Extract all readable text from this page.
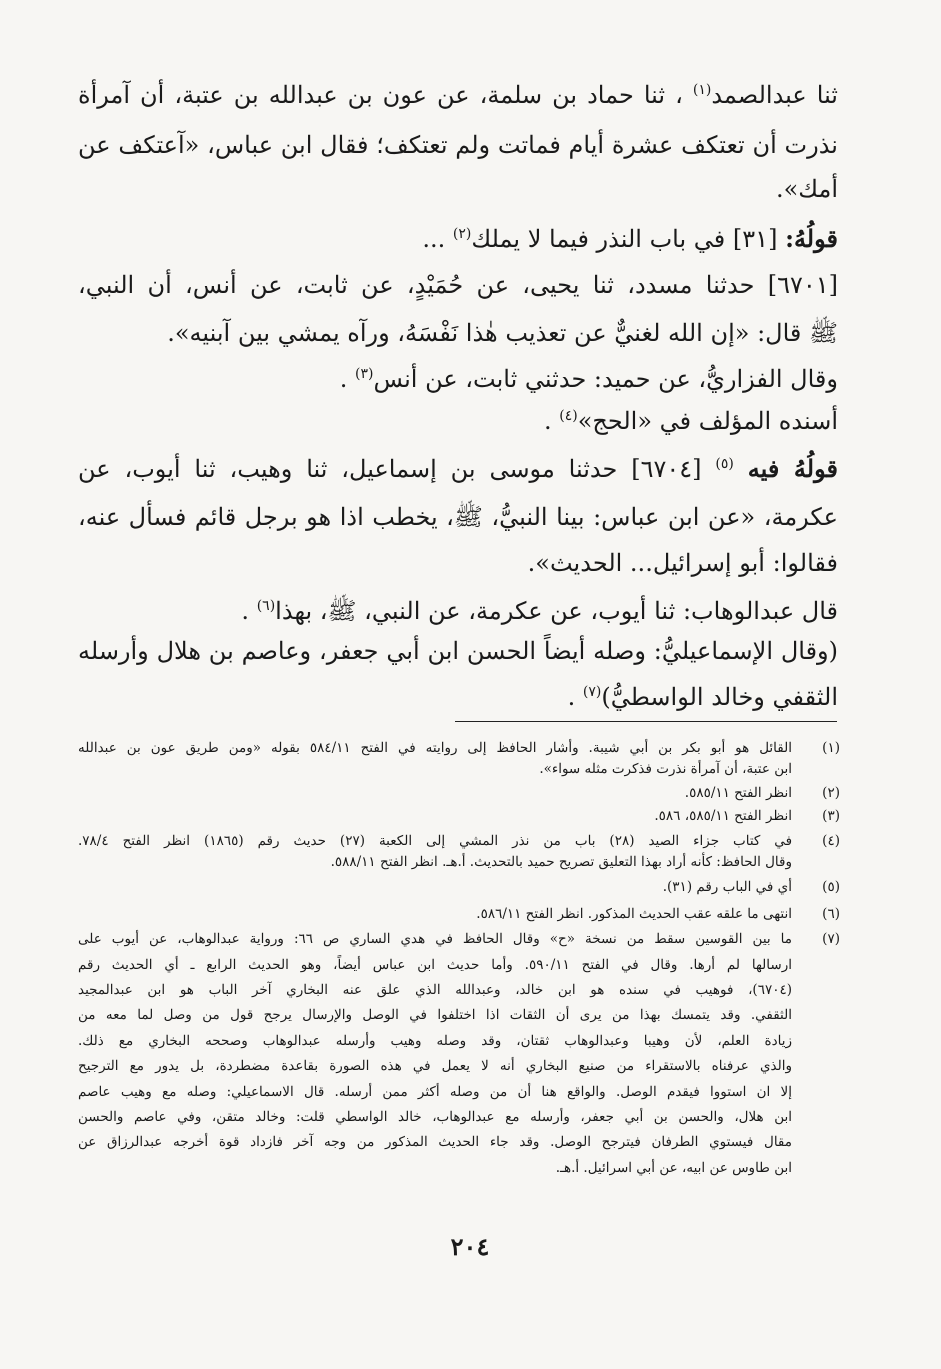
ثنا عبدالصمد$^{(١)}$ ، ثنا حماد بن سلمة، عن عون بن عبدالله بن عتبة، أن آمرأة
نذرت أن تعتكف عشرة أيام فماتت ولم تعتكف؛ فقال ابن عباس، «آعتكف عن
أمك».
قولُهُ: [٣١] في باب النذر فيما لا يملك$^{(٢)}$ ...
[٦٧٠١] حدثنا مسدد، ثنا يحيى، عن حُمَيْدٍ، عن ثابت، عن أنس، أن النبي،
ﷺ قال: «إن الله لغنيٌّ عن تعذيب هٰذا نَفْسَهُ، ورآه يمشي بين آبنيه».
وقال الفزاريُّ، عن حميد: حدثني ثابت، عن أنس$^{(٣)}$ .
أسنده المؤلف في «الحج»$^{(٤)}$ .
قولُهُ فيه $^{(٥)}$ [٦٧٠٤] حدثنا موسى بن إسماعيل، ثنا وهيب، ثنا أيوب، عن
عكرمة، «عن ابن عباس: بينا النبيُّ، ﷺ، يخطب اذا هو برجل قائم فسأل عنه،
فقالوا: أبو إسرائيل... الحديث».
قال عبدالوهاب: ثنا أيوب، عن عكرمة، عن النبي، ﷺ، بهذا$^{(٦)}$ .
(وقال الإسماعيليُّ: وصله أيضاً الحسن ابن أبي جعفر، وعاصم بن هلال وأرسله
الثقفي وخالد الواسطيُّ)$^{(٧)}$ .
(١)
القائل هو أبو بكر بن أبي شيبة. وأشار الحافظ إلى روايته في الفتح ٥٨٤/١١ بقوله «ومن طريق عون بن عبدالله
ابن عتبة، أن آمرأة نذرت فذكرت مثله سواء».
(٢)
انظر الفتح ٥٨٥/١١.
(٣)
انظر الفتح ٥٨٥/١١، ٥٨٦.
(٤)
في كتاب جزاء الصيد (٢٨) باب من نذر المشي إلى الكعبة (٢٧) حديث رقم (١٨٦٥) انظر الفتح ٧٨/٤.
وقال الحافظ: كأنه أراد بهذا التعليق تصريح حميد بالتحديث. أ.هـ. انظر الفتح ٥٨٨/١١.
(٥)
أي في الباب رقم (٣١).
(٦)
انتهى ما علقه عقب الحديث المذكور. انظر الفتح ٥٨٦/١١.
(٧)
ما بين القوسين سقط من نسخة «ح» وقال الحافظ في هدي الساري ص ٦٦: ورواية عبدالوهاب، عن أيوب على
ارسالها لم أرها. وقال في الفتح ٥٩٠/١١. وأما حديث ابن عباس أيضاً، وهو الحديث الرابع ـ أي الحديث رقم
(٦٧٠٤)، فوهيب في سنده هو ابن خالد، وعبدالله الذي علق عنه البخاري آخر الباب هو ابن عبدالمجيد
الثقفي. وقد يتمسك بهذا من يرى أن الثقات اذا اختلفوا في الوصل والإرسال يرجح قول من وصل لما معه من
زيادة العلم، لأن وهيبا وعبدالوهاب ثقتان، وقد وصله وهيب وأرسله عبدالوهاب وصححه البخاري مع ذلك.
والذي عرفناه بالاستقراء من صنيع البخاري أنه لا يعمل في هذه الصورة بقاعدة مضطردة، بل يدور مع الترجيح
إلا ان استووا فيقدم الوصل. والواقع هنا أن من وصله أكثر ممن أرسله. قال الاسماعيلي: وصله مع وهيب عاصم
ابن هلال، والحسن بن أبي جعفر، وأرسله مع عبدالوهاب، خالد الواسطي قلت: وخالد متقن، وفي عاصم والحسن
مقال فيستوي الطرفان فيترجح الوصل. وقد جاء الحديث المذكور من وجه آخر فازداد قوة أخرجه عبدالرزاق عن
ابن طاوس عن ابيه، عن أبي اسرائيل. أ.هـ.
٢٠٤
